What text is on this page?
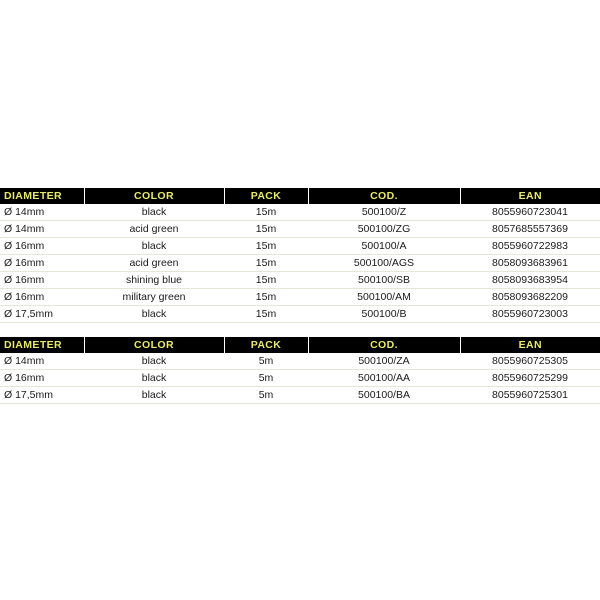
DIAMETER	COLOR	PACK	COD.	EAN
Ø 14mm	black	15m	500100/Z	8055960723041
Ø 14mm	acid green	15m	500100/ZG	8057685557369
Ø 16mm	black	15m	500100/A	8055960722983
Ø 16mm	acid green	15m	500100/AGS	8058093683961
Ø 16mm	shining blue	15m	500100/SB	8058093683954
Ø 16mm	military green	15m	500100/AM	8058093682209
Ø 17,5mm	black	15m	500100/B	8055960723003
DIAMETER	COLOR	PACK	COD.	EAN
Ø 14mm	black	5m	500100/ZA	8055960725305
Ø 16mm	black	5m	500100/AA	8055960725299
Ø 17,5mm	black	5m	500100/BA	8055960725301
